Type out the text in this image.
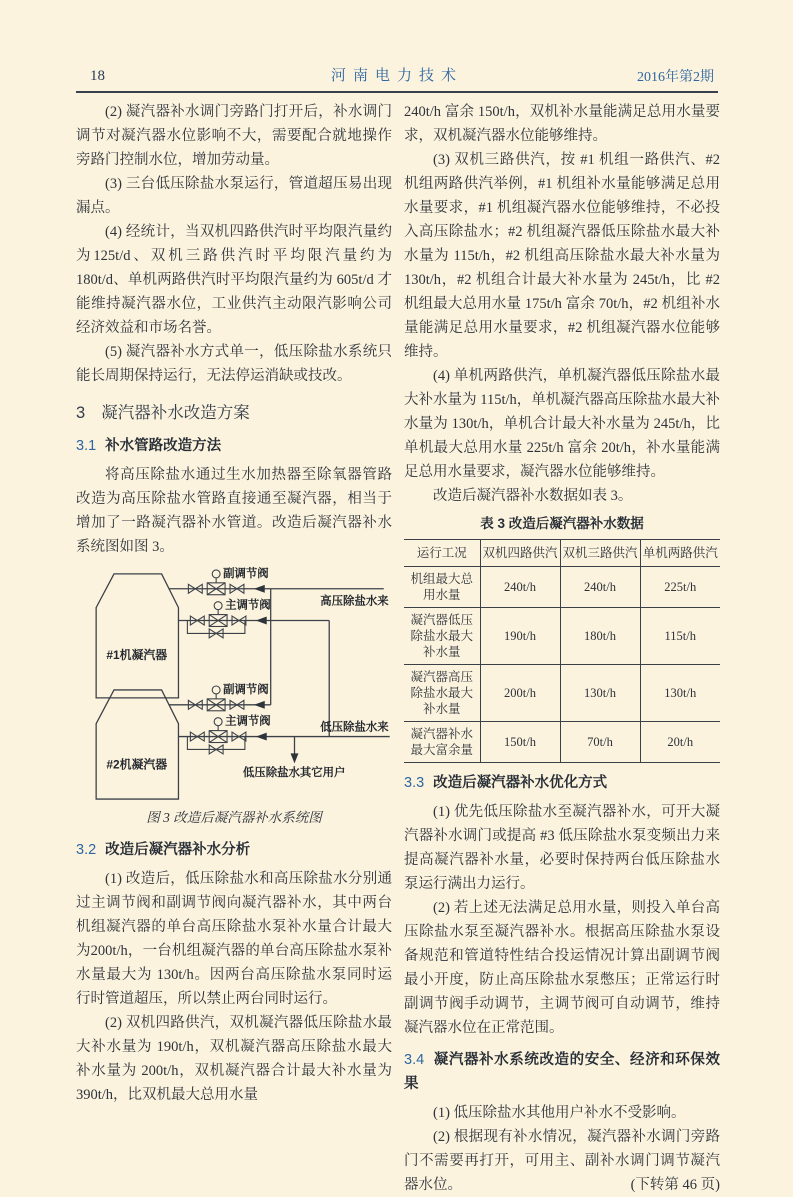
18	河南电力技术	2016年第2期

(2) 凝汽器补水调门旁路门打开后，补水调门调节对凝汽器水位影响不大，需要配合就地操作旁路门控制水位，增加劳动量。

(3) 三台低压除盐水泵运行，管道超压易出现漏点。

(4) 经统计，当双机四路供汽时平均限汽量约为125t/d、双机三路供汽时平均限汽量约为 180t/d、单机两路供汽时平均限汽量约为 605t/d 才能维持凝汽器水位，工业供汽主动限汽影响公司经济效益和市场名誉。

(5) 凝汽器补水方式单一，低压除盐水系统只能长周期保持运行，无法停运消缺或技改。

3 凝汽器补水改造方案
3.1 补水管路改造方法

将高压除盐水通过生水加热器至除氧器管路改造为高压除盐水管路直接通至凝汽器，相当于增加了一路凝汽器补水管道。改造后凝汽器补水系统图如图 3。

#1机凝汽器
副调节阀
主调节阀	高压除盐水来
#2机凝汽器
副调节阀
主调节阀	低压除盐水来
低压除盐水其它用户
图 3 改造后凝汽器补水系统图
3.2 改造后凝汽器补水分析

(1) 改造后，低压除盐水和高压除盐水分别通过主调节阀和副调节阀向凝汽器补水，其中两台机组凝汽器的单台高压除盐水泵补水量合计最大为200t/h，一台机组凝汽器的单台高压除盐水泵补水量最大为 130t/h。因两台高压除盐水泵同时运行时管道超压，所以禁止两台同时运行。

(2) 双机四路供汽，双机凝汽器低压除盐水最大补水量为 190t/h，双机凝汽器高压除盐水最大补水量为 200t/h，双机凝汽器合计最大补水量为 390t/h，比双机最大总用水量

240t/h 富余 150t/h，双机补水量能满足总用水量要求，双机凝汽器水位能够维持。

(3) 双机三路供汽，按 #1 机组一路供汽、#2 机组两路供汽举例，#1 机组补水量能够满足总用水量要求，#1 机组凝汽器水位能够维持，不必投入高压除盐水；#2 机组凝汽器低压除盐水最大补水量为 115t/h，#2 机组高压除盐水最大补水量为 130t/h，#2 机组合计最大补水量为 245t/h，比 #2 机组最大总用水量 175t/h 富余 70t/h，#2 机组补水量能满足总用水量要求，#2 机组凝汽器水位能够维持。

(4) 单机两路供汽，单机凝汽器低压除盐水最大补水量为 115t/h，单机凝汽器高压除盐水最大补水量为 130t/h，单机合计最大补水量为 245t/h，比单机最大总用水量 225t/h 富余 20t/h，补水量能满足总用水量要求，凝汽器水位能够维持。

改造后凝汽器补水数据如表 3。

表 3 改造后凝汽器补水数据
运行工况	双机四路供汽	双机三路供汽	单机两路供汽
机组最大总用水量	240t/h	240t/h	225t/h
凝汽器低压除盐水最大补水量	190t/h	180t/h	115t/h
凝汽器高压除盐水最大补水量	200t/h	130t/h	130t/h
凝汽器补水最大富余量	150t/h	70t/h	20t/h
3.3 改造后凝汽器补水优化方式

(1) 优先低压除盐水至凝汽器补水，可开大凝汽器补水调门或提高 #3 低压除盐水泵变频出力来提高凝汽器补水量，必要时保持两台低压除盐水泵运行满出力运行。

(2) 若上述无法满足总用水量，则投入单台高压除盐水泵至凝汽器补水。根据高压除盐水泵设备规范和管道特性结合投运情况计算出副调节阀最小开度，防止高压除盐水泵憋压；正常运行时副调节阀手动调节，主调节阀可自动调节，维持凝汽器水位在正常范围。

3.4 凝汽器补水系统改造的安全、经济和环保效果

(1) 低压除盐水其他用户补水不受影响。

(2) 根据现有补水情况，凝汽器补水调门旁路门不需要再打开，可用主、副补水调门调节凝汽器水位。	(下转第 46 页)
